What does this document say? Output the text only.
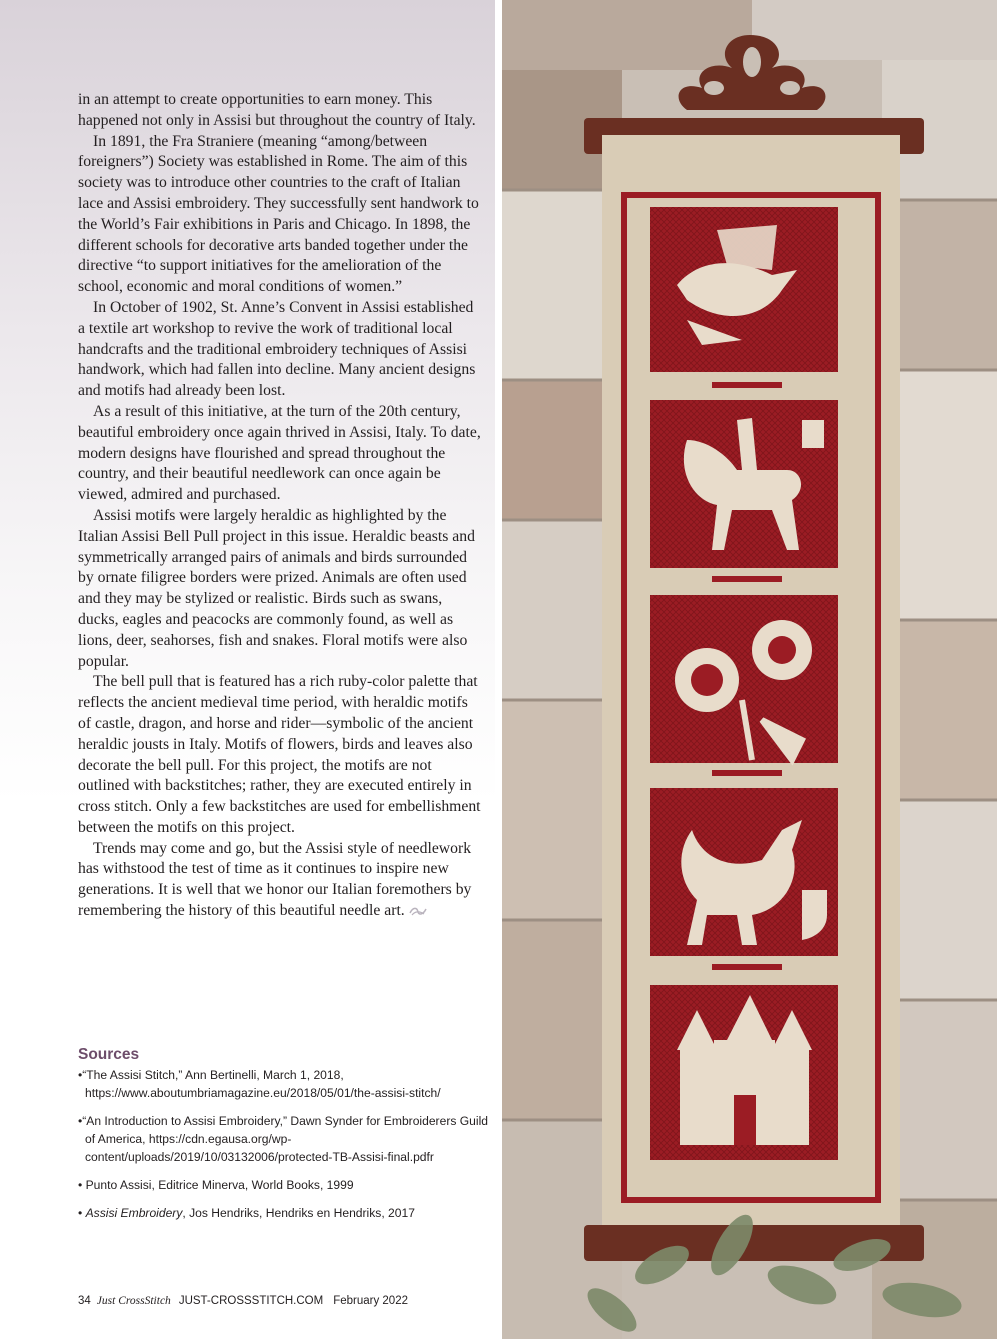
in an attempt to create opportunities to earn money. This happened not only in Assisi but throughout the country of Italy.

In 1891, the Fra Straniere (meaning “among/between foreigners”) Society was established in Rome. The aim of this society was to introduce other countries to the craft of Italian lace and Assisi embroidery. They successfully sent handwork to the World’s Fair exhibitions in Paris and Chicago. In 1898, the different schools for decorative arts banded together under the directive “to support initiatives for the amelioration of the school, economic and moral conditions of women.”

In October of 1902, St. Anne’s Convent in Assisi established a textile art workshop to revive the work of traditional local handcrafts and the traditional embroidery techniques of Assisi handwork, which had fallen into decline. Many ancient designs and motifs had already been lost.

As a result of this initiative, at the turn of the 20th century, beautiful embroidery once again thrived in Assisi, Italy. To date, modern designs have flourished and spread throughout the country, and their beautiful needlework can once again be viewed, admired and purchased.

Assisi motifs were largely heraldic as highlighted by the Italian Assisi Bell Pull project in this issue. Heraldic beasts and symmetrically arranged pairs of animals and birds surrounded by ornate filigree borders were prized. Animals are often used and they may be stylized or realistic. Birds such as swans, ducks, eagles and peacocks are commonly found, as well as lions, deer, seahorses, fish and snakes. Floral motifs were also popular.

The bell pull that is featured has a rich ruby-color palette that reflects the ancient medieval time period, with heraldic motifs of castle, dragon, and horse and rider—symbolic of the ancient heraldic jousts in Italy. Motifs of flowers, birds and leaves also decorate the bell pull. For this project, the motifs are not outlined with backstitches; rather, they are executed entirely in cross stitch. Only a few backstitches are used for embellishment between the motifs on this project.

Trends may come and go, but the Assisi style of needlework has withstood the test of time as it continues to inspire new generations. It is well that we honor our Italian foremothers by remembering the history of this beautiful needle art.

Sources
•“The Assisi Stitch,” Ann Bertinelli, March 1, 2018, https://www.aboutumbriamagazine.eu/2018/05/01/the-assisi-stitch/
•“An Introduction to Assisi Embroidery,” Dawn Synder for Embroiderers Guild of America, https://cdn.egausa.org/wp-content/uploads/2019/10/03132006/protected-TB-Assisi-final.pdfr
• Punto Assisi, Editrice Minerva, World Books, 1999
• Assisi Embroidery, Jos Hendriks, Hendriks en Hendriks, 2017
34 Just CrossStitch JUST-CROSSSTITCH.COM February 2022
